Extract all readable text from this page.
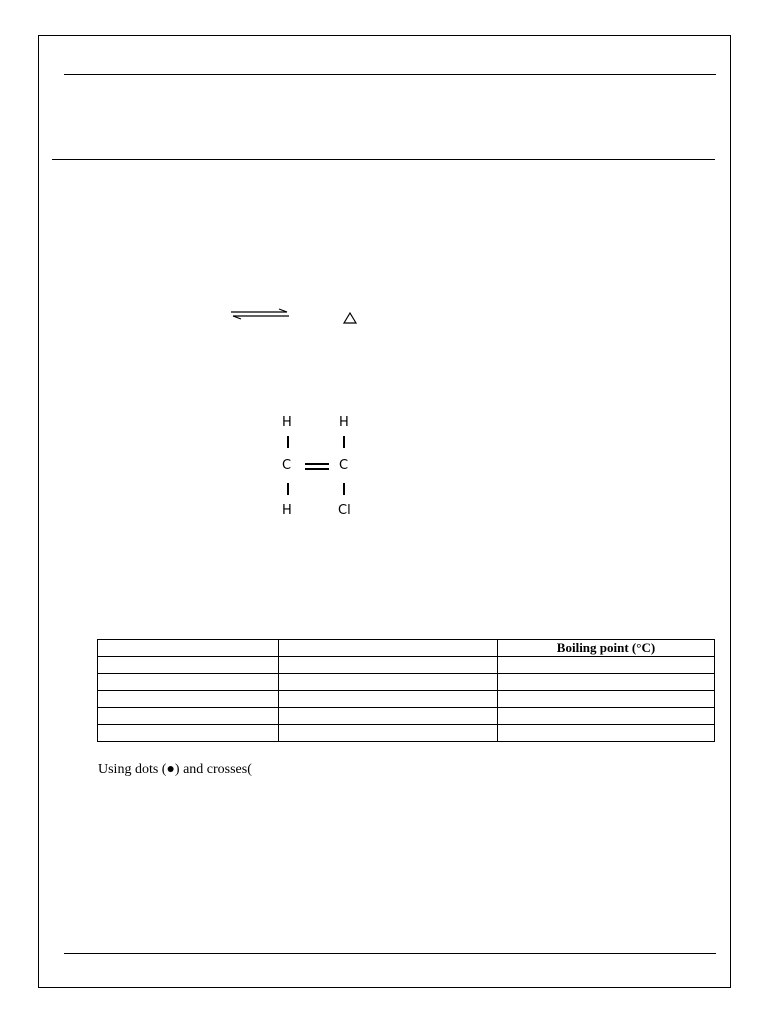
H	H
C	C
H	Cl
		Boiling point (°C)

Using dots (●) and crosses(
